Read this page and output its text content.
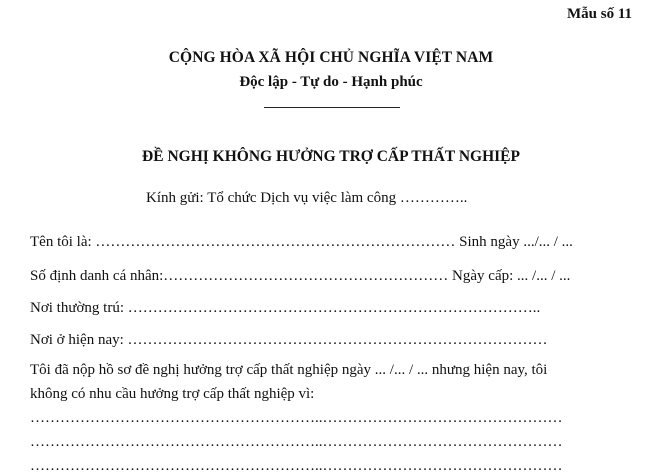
Mẫu số 11
CỘNG HÒA XÃ HỘI CHỦ NGHĨA VIỆT NAM
Độc lập - Tự do - Hạnh phúc
ĐỀ NGHỊ KHÔNG HƯỞNG TRỢ CẤP THẤT NGHIỆP
Kính gửi: Tổ chức Dịch vụ việc làm công …………..
Tên tôi là: ……………………………………………………………… Sinh ngày .../... / ...
Số định danh cá nhân:………………………………………………… Ngày cấp: ... /... / ...
Nơi thường trú: ………………………………………………………………………..
Nơi ở hiện nay: …………………………………………………………………………
Tôi đã nộp hồ sơ đề nghị hưởng trợ cấp thất nghiệp ngày ... /... / ... nhưng hiện nay, tôi
không có nhu cầu hưởng trợ cấp thất nghiệp vì:
…………………………………………………..…………………………………………
…………………………………………………..…………………………………………
…………………………………………………..…………………………………………
